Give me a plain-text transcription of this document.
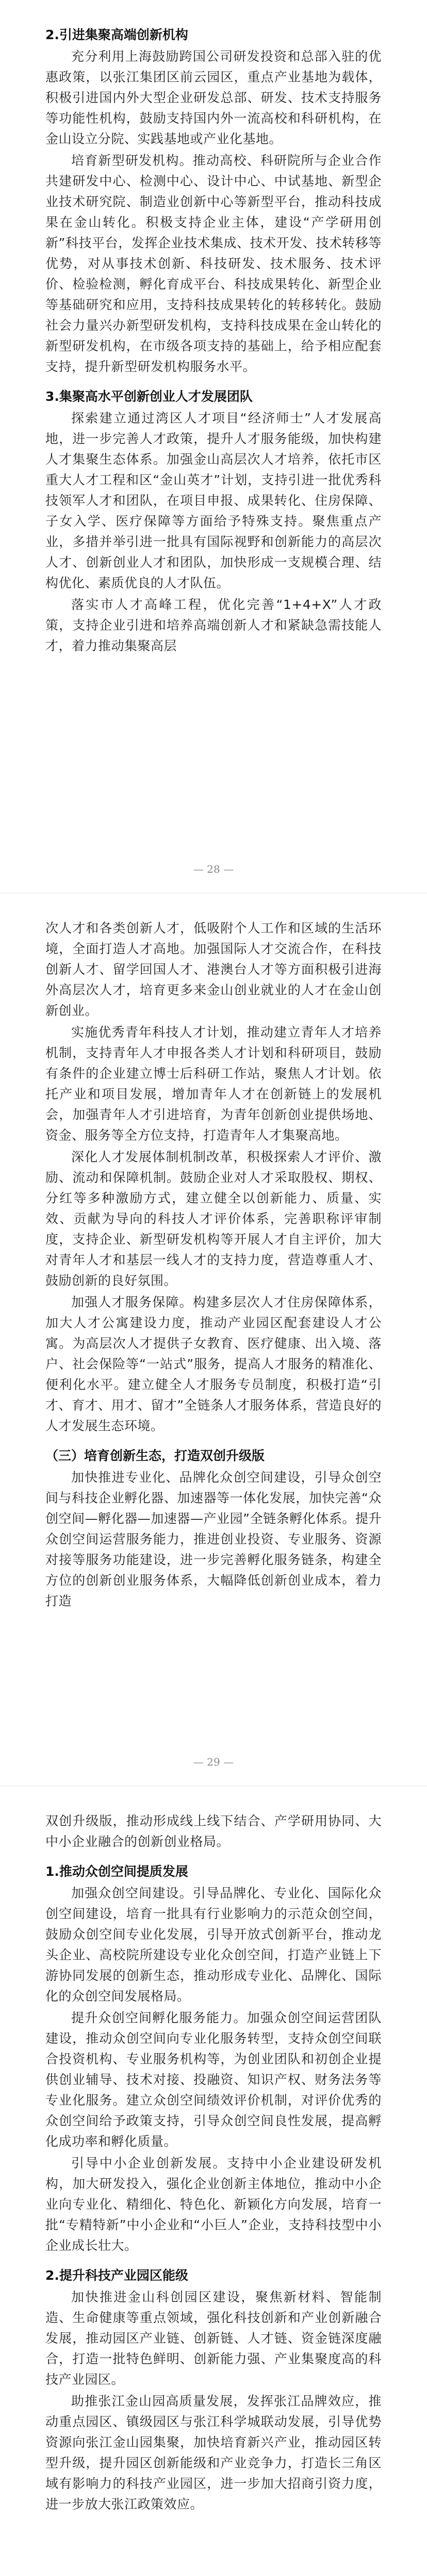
2.引进集聚高端创新机构
充分利用上海鼓励跨国公司研发投资和总部入驻的优惠政策，以张江集团区前云园区，重点产业基地为载体，积极引进国内外大型企业研发总部、研发、技术支持服务等功能性机构，鼓励支持国内外一流高校和科研机构，在金山设立分院、实践基地或产业化基地。
培育新型研发机构。推动高校、科研院所与企业合作共建研发中心、检测中心、设计中心、中试基地、新型企业技术研究院、制造业创新中心等新型平台，推动科技成果在金山转化。积极支持企业主体，建设“产学研用创新”科技平台，发挥企业技术集成、技术开发、技术转移等优势，对从事技术创新、科技研发、技术服务、技术评价、检验检测，孵化育成平台、科技成果转化、新型企业等基础研究和应用，支持科技成果转化的转移转化。鼓励社会力量兴办新型研发机构，支持科技成果在金山转化的新型研发机构，在市级各项支持的基础上，给予相应配套支持，提升新型研发机构服务水平。
3.集聚高水平创新创业人才发展团队
探索建立通过湾区人才项目“经济师士”人才发展高地，进一步完善人才政策，提升人才服务能级，加快构建人才集聚生态体系。加强金山高层次人才培养，依托市区重大人才工程和区“金山英才”计划，支持引进一批优秀科技领军人才和团队，在项目申报、成果转化、住房保障、子女入学、医疗保障等方面给予特殊支持。聚焦重点产业，多措并举引进一批具有国际视野和创新能力的高层次人才、创新创业人才和团队，加快形成一支规模合理、结构优化、素质优良的人才队伍。
落实市人才高峰工程，优化完善“1+4+X”人才政策，支持企业引进和培养高端创新人才和紧缺急需技能人才，着力推动集聚高层
— 28 —
次人才和各类创新人才，低吸附个人工作和区域的生活环境，全面打造人才高地。加强国际人才交流合作，在科技创新人才、留学回国人才、港澳台人才等方面积极引进海外高层次人才，培育更多来金山创业就业的人才在金山创新创业。
实施优秀青年科技人才计划，推动建立青年人才培养机制，支持青年人才申报各类人才计划和科研项目，鼓励有条件的企业建立博士后科研工作站，聚焦人才计划。依托产业和项目发展，增加青年人才在创新链上的发展机会，加强青年人才引进培育，为青年创新创业提供场地、资金、服务等全方位支持，打造青年人才集聚高地。
深化人才发展体制机制改革，积极探索人才评价、激励、流动和保障机制。鼓励企业对人才采取股权、期权、分红等多种激励方式，建立健全以创新能力、质量、实效、贡献为导向的科技人才评价体系，完善职称评审制度，支持企业、新型研发机构等开展人才自主评价，加大对青年人才和基层一线人才的支持力度，营造尊重人才、鼓励创新的良好氛围。
加强人才服务保障。构建多层次人才住房保障体系，加大人才公寓建设力度，推动产业园区配套建设人才公寓。为高层次人才提供子女教育、医疗健康、出入境、落户、社会保险等“一站式”服务，提高人才服务的精准化、便利化水平。建立健全人才服务专员制度，积极打造“引才、育才、用才、留才”全链条人才服务体系，营造良好的人才发展生态环境。
（三）培育创新生态，打造双创升级版
加快推进专业化、品牌化众创空间建设，引导众创空间与科技企业孵化器、加速器等一体化发展，加快完善“众创空间—孵化器—加速器—产业园”全链条孵化体系。提升众创空间运营服务能力，推进创业投资、专业服务、资源对接等服务功能建设，进一步完善孵化服务链条，构建全方位的创新创业服务体系，大幅降低创新创业成本，着力打造
— 29 —
双创升级版，推动形成线上线下结合、产学研用协同、大中小企业融合的创新创业格局。
1.推动众创空间提质发展
加强众创空间建设。引导品牌化、专业化、国际化众创空间建设，培育一批具有行业影响力的示范众创空间，鼓励众创空间专业化发展，引导开放式创新平台，推动龙头企业、高校院所建设专业化众创空间，打造产业链上下游协同发展的创新生态，推动形成专业化、品牌化、国际化的众创空间发展格局。
提升众创空间孵化服务能力。加强众创空间运营团队建设，推动众创空间向专业化服务转型，支持众创空间联合投资机构、专业服务机构等，为创业团队和初创企业提供创业辅导、技术对接、投融资、知识产权、财务法务等专业化服务。建立众创空间绩效评价机制，对评价优秀的众创空间给予政策支持，引导众创空间良性发展，提高孵化成功率和孵化质量。
引导中小企业创新发展。支持中小企业建设研发机构，加大研发投入，强化企业创新主体地位，推动中小企业向专业化、精细化、特色化、新颖化方向发展，培育一批“专精特新”中小企业和“小巨人”企业，支持科技型中小企业成长壮大。
2.提升科技产业园区能级
加快推进金山科创园区建设，聚焦新材料、智能制造、生命健康等重点领域，强化科技创新和产业创新融合发展，推动园区产业链、创新链、人才链、资金链深度融合，打造一批特色鲜明、创新能力强、产业集聚度高的科技产业园区。
助推张江金山园高质量发展，发挥张江品牌效应，推动重点园区、镇级园区与张江科学城联动发展，引导优势资源向张江金山园集聚，加快培育新兴产业，推动园区转型升级，提升园区创新能级和产业竞争力，打造长三角区域有影响力的科技产业园区，进一步加大招商引资力度，进一步放大张江政策效应。
